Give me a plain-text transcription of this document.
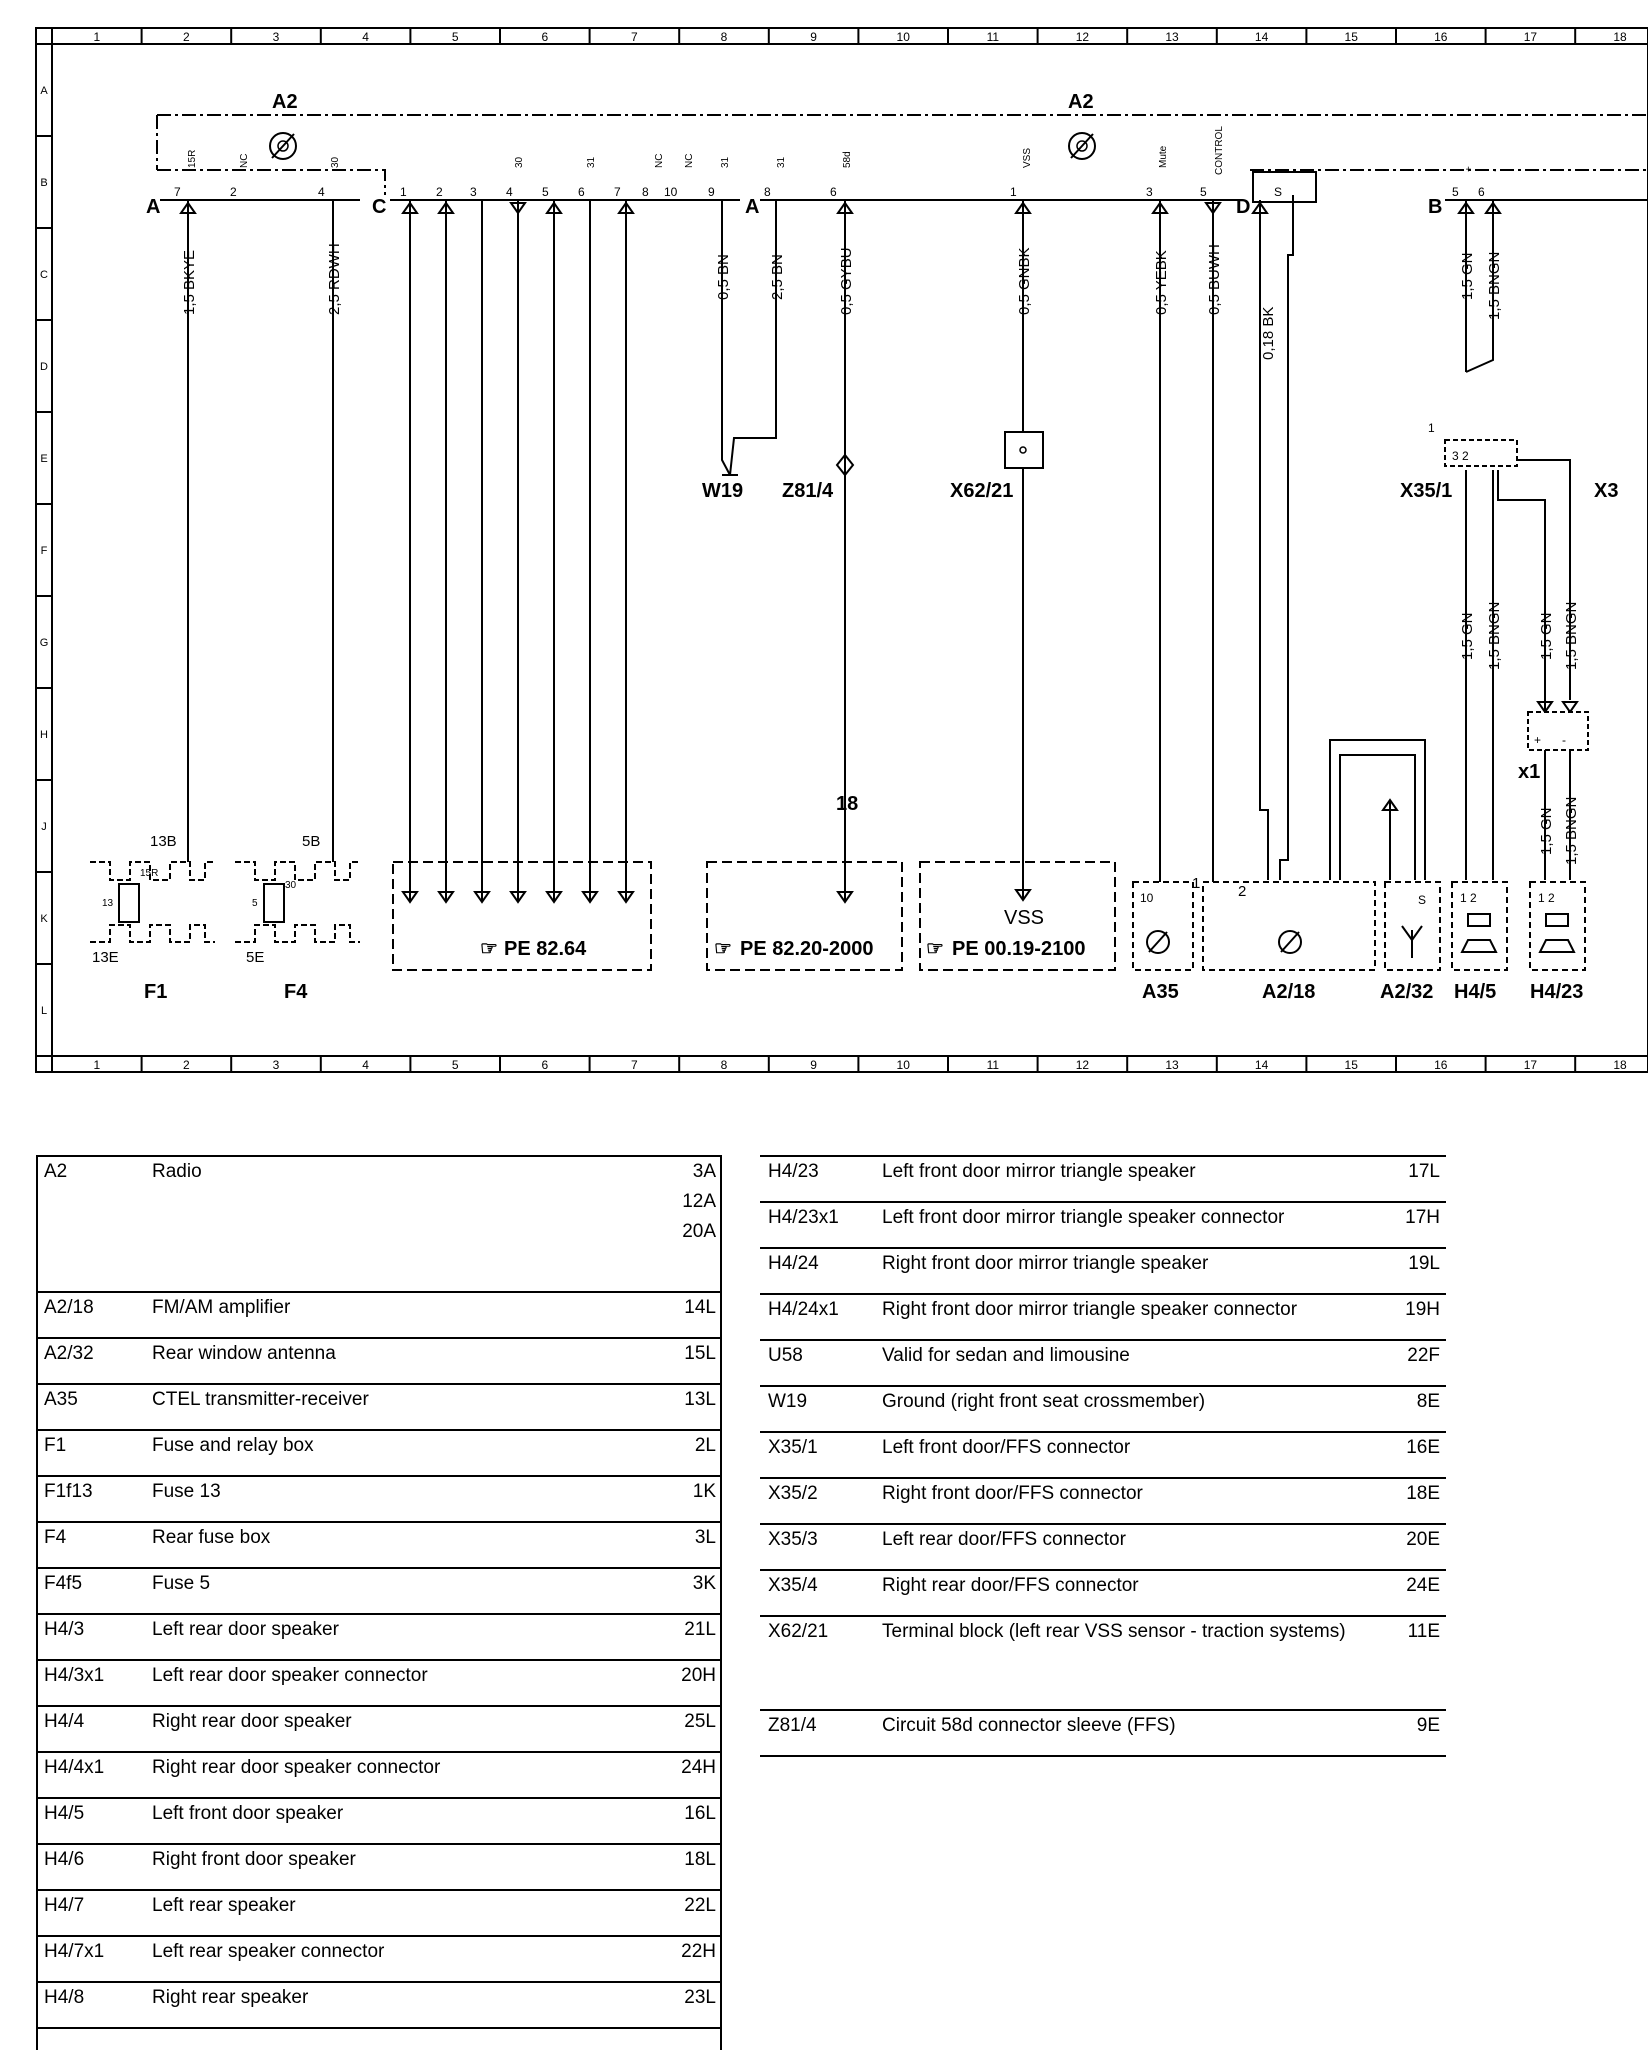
1
1
2
2
3
3
4
4
5
5
6
6
7
7
8
8
9
9
10
10
11
11
12
12
13
13
14
14
15
15
16
16
17
17
18
18
A
B
C
D
E
F
G
H
J
K
L
A2	A2
A	C	A	D
S
B
7
15R
2
NC
4
30
1 2 3 4
30
5 6
31
7 8
NC
10
NC
9
31
8
31
6
58d
1
VSS
3
Mute
5
CONTROL
5
+
6
-
1,5 BKYE	2,5 RDWH	0,5 BN 2,5 BN	0,5 GYBU	0,5 GNBK	0,5 YEBK 0,5 BUWH
0,18 BK
1,5 GN 1,5 BNGN
1,5 GN 1,5 BNGN 1,5 GN 1,5 BNGN
1,5 GN 1,5 BNGN
W19 Z81/4	X62/21
1
3 2
X35/1	X3
+ -
x1
13
15R
13B
13E
F1
5
30
5B
5E
F4
☞ PE 82.64	☞ PE 82.20-2000
18
VSS
☞ PE 00.19-2100
10
A35
1	2
A2/18
S
A2/32
1 2
H4/5
1 2
H4/23
A2	Radio	3A
12A
20A
A2/18	FM/AM amplifier	14L
A2/32	Rear window antenna	15L
A35	CTEL transmitter-receiver	13L
F1	Fuse and relay box	2L
F1f13	Fuse 13	1K
F4	Rear fuse box	3L
F4f5	Fuse 5	3K
H4/3	Left rear door speaker	21L
H4/3x1	Left rear door speaker connector	20H
H4/4	Right rear door speaker	25L
H4/4x1	Right rear door speaker connector	24H
H4/5	Left front door speaker	16L
H4/6	Right front door speaker	18L
H4/7	Left rear speaker	22L
H4/7x1	Left rear speaker connector	22H
H4/8	Right rear speaker	23L
H4/23	Left front door mirror triangle speaker	17L
H4/23x1	Left front door mirror triangle speaker connector	17H
H4/24	Right front door mirror triangle speaker	19L
H4/24x1	Right front door mirror triangle speaker connector	19H
U58	Valid for sedan and limousine	22F
W19	Ground (right front seat crossmember)	8E
X35/1	Left front door/FFS connector	16E
X35/2	Right front door/FFS connector	18E
X35/3	Left rear door/FFS connector	20E
X35/4	Right rear door/FFS connector	24E
X62/21	Terminal block (left rear VSS sensor - traction systems)	11E
Z81/4	Circuit 58d connector sleeve (FFS)	9E
